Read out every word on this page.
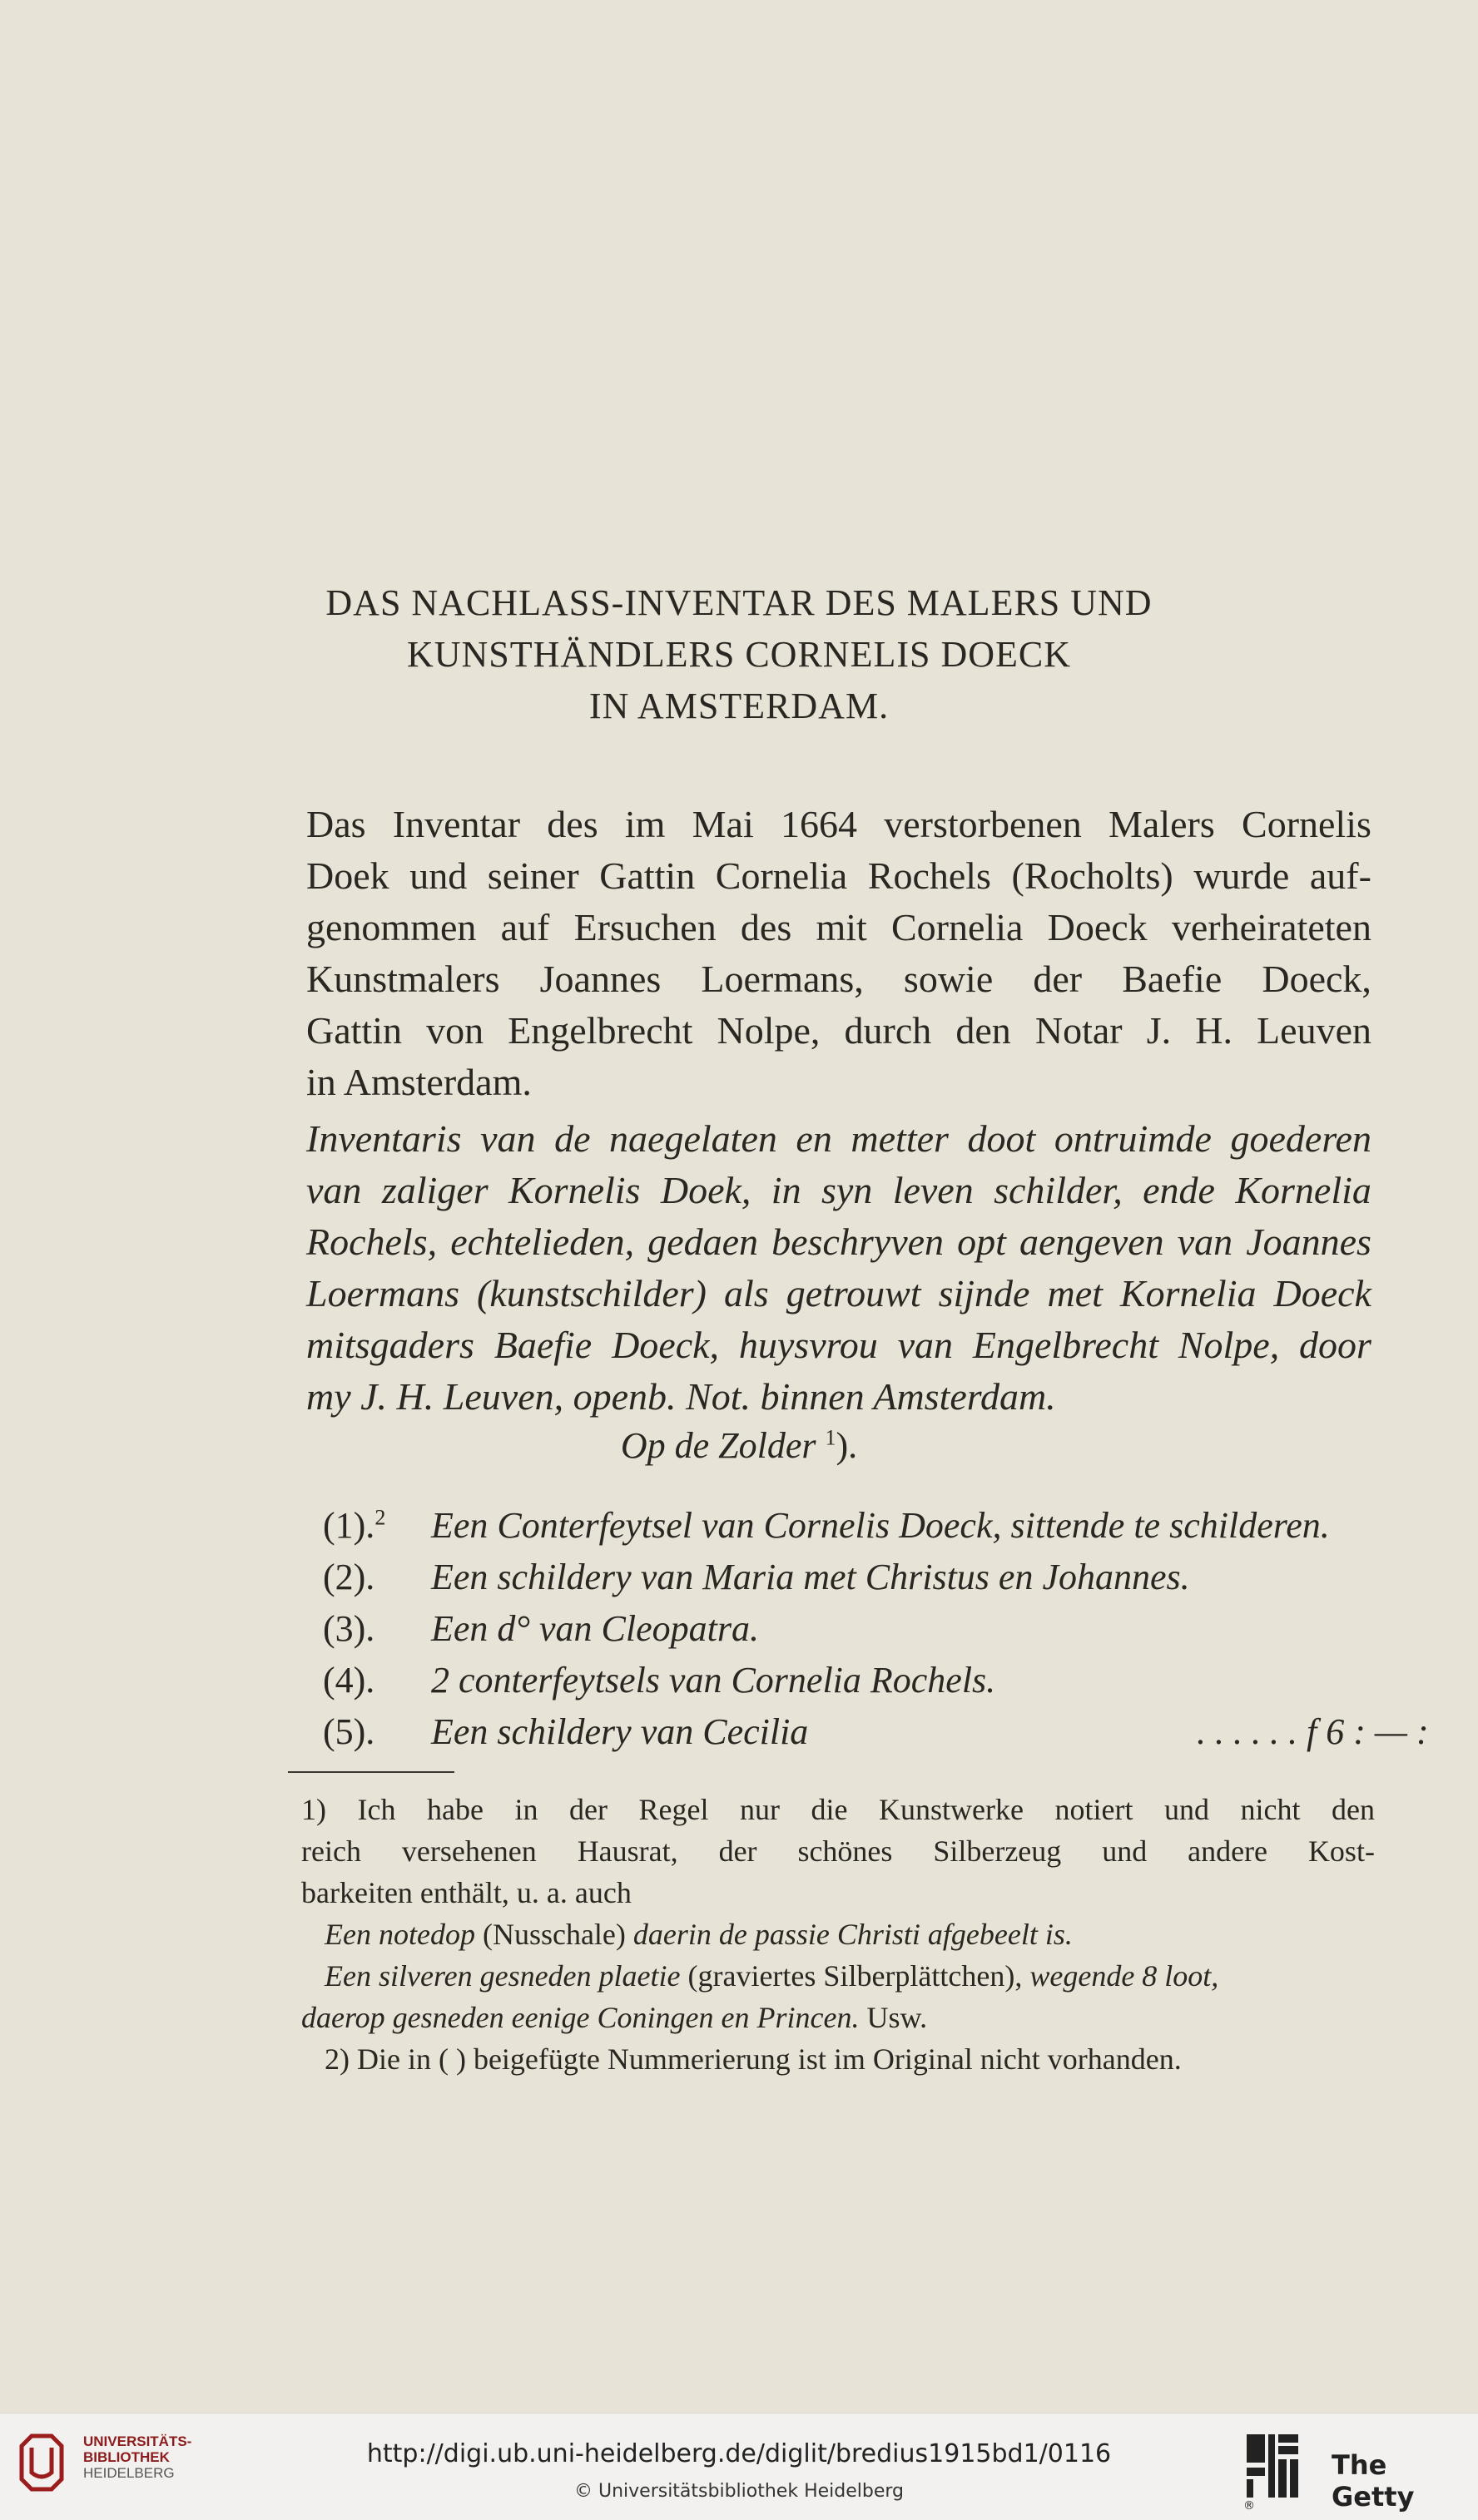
DAS NACHLASS-INVENTAR DES MALERS UND
KUNSTHÄNDLERS CORNELIS DOECK
IN AMSTERDAM.
Das Inventar des im Mai 1664 verstorbenen Malers Cornelis
Doek und seiner Gattin Cornelia Rochels (Rocholts) wurde auf-
genommen auf Ersuchen des mit Cornelia Doeck verheirateten
Kunstmalers Joannes Loermans, sowie der Baefie Doeck,
Gattin von Engelbrecht Nolpe, durch den Notar J. H. Leuven
in Amsterdam.
Inventaris van de naegelaten en metter doot ontruimde goederen
van zaliger Kornelis Doek, in syn leven schilder, ende Kornelia
Rochels, echtelieden, gedaen beschryven opt aengeven van Joannes
Loermans (kunstschilder) als getrouwt sijnde met Kornelia Doeck
mitsgaders Baefie Doeck, huysvrou van Engelbrecht Nolpe, door
my J. H. Leuven, openb. Not. binnen Amsterdam.
Op de Zolder $^1$).
(1).$^2$ Een Conterfeytsel van Cornelis Doeck, sittende te schilderen.
(2). Een schildery van Maria met Christus en Johannes.
(3). Een d° van Cleopatra.
(4). 2 conterfeytsels van Cornelia Rochels.
(5). Een schildery van Cecilia	. . . . . . f 6 : — :
1) Ich habe in der Regel nur die Kunstwerke notiert und nicht den
reich versehenen Hausrat, der schönes Silberzeug und andere Kost-
barkeiten enthält, u. a. auch
Een notedop (Nusschale) daerin de passie Christi afgebeelt is.
Een silveren gesneden plaetie (graviertes Silberplättchen), wegende 8 loot,
daerop gesneden eenige Coningen en Princen. Usw.
2) Die in ( ) beigefügte Nummerierung ist im Original nicht vorhanden.
UNIVERSITÄTS-
BIBLIOTHEK
HEIDELBERG
http://digi.ub.uni-heidelberg.de/diglit/bredius1915bd1/0116
© Universitätsbibliothek Heidelberg
®
The Getty
